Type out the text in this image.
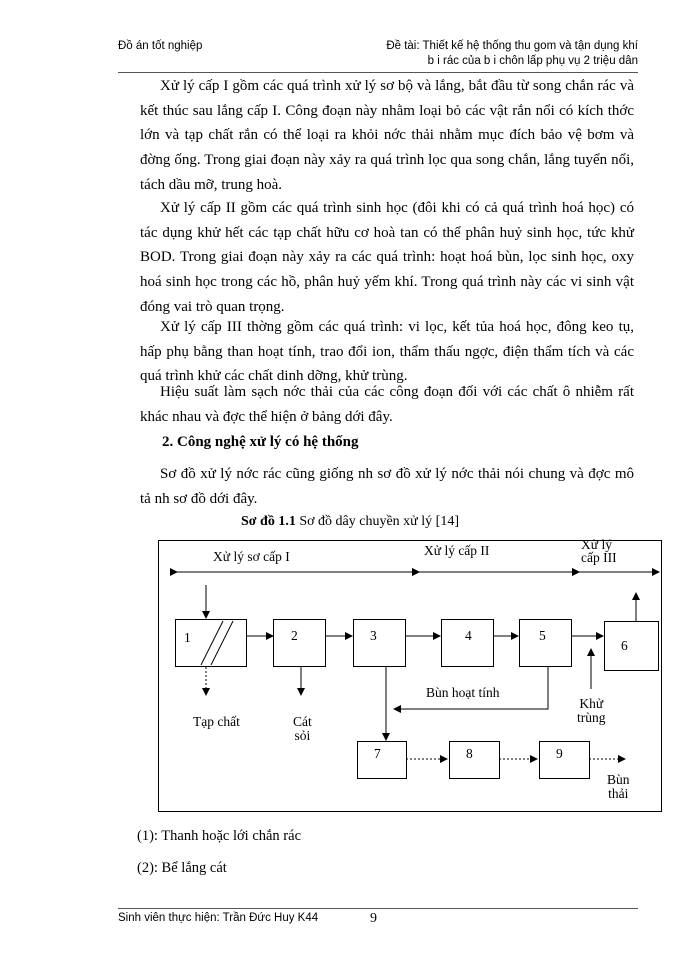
Đồ án tốt nghiệp	Đề tài: Thiết kế hệ thống thu gom và tận dụng khí
b i rác của b i chôn lấp phụ vụ 2 triệu dân

Xử lý cấp I gồm các quá trình xử lý sơ bộ và lắng, bắt đầu từ song chắn rác và kết thúc sau lắng cấp I. Công đoạn này nhằm loại bỏ các vật rắn nổi có kích thớc lớn và tạp chất rắn có thể loại ra khỏi nớc thải nhằm mục đích bảo vệ bơm và đờng ống. Trong giai đoạn này xảy ra quá trình lọc qua song chắn, lắng tuyển nổi, tách dầu mỡ, trung hoà.

Xử lý cấp II gồm các quá trình sinh học (đôi khi có cả quá trình hoá học) có tác dụng khử hết các tạp chất hữu cơ hoà tan có thể phân huỷ sinh học, tức khử BOD. Trong giai đoạn này xảy ra các quá trình: hoạt hoá bùn, lọc sinh học, oxy hoá sinh học trong các hồ, phân huỷ yếm khí. Trong quá trình này các vi sinh vật đóng vai trò quan trọng.

Xử lý cấp III thờng gồm các quá trình: vi lọc, kết tủa hoá học, đông keo tụ, hấp phụ bằng than hoạt tính, trao đổi ion, thẩm thấu ngợc, điện thẩm tích và các quá trình khử các chất dinh dỡng, khử trùng.

Hiệu suất làm sạch nớc thải của các công đoạn đối với các chất ô nhiễm rất khác nhau và đợc thể hiện ở bảng dới đây.

2. Công nghệ xử lý có hệ thống

Sơ đồ xử lý nớc rác cũng giống nh sơ đồ xử lý nớc thải nói chung và đợc mô tả nh sơ đồ dới đây.

Sơ đồ 1.1 Sơ đồ dây chuyền xử lý [14]
Xử lý sơ cấp I	Xử lý cấp II	Xử lý
cấp III
1	2	3	4	5
6
7	8	9
Tạp chất	Cát
sỏi
Bùn hoạt tính
Khử
trùng
Bùn
thải
(1): Thanh hoặc lới chắn rác
(2): Bể lắng cát
Sinh viên thực hiện: Trần Đức Huy K44	9
